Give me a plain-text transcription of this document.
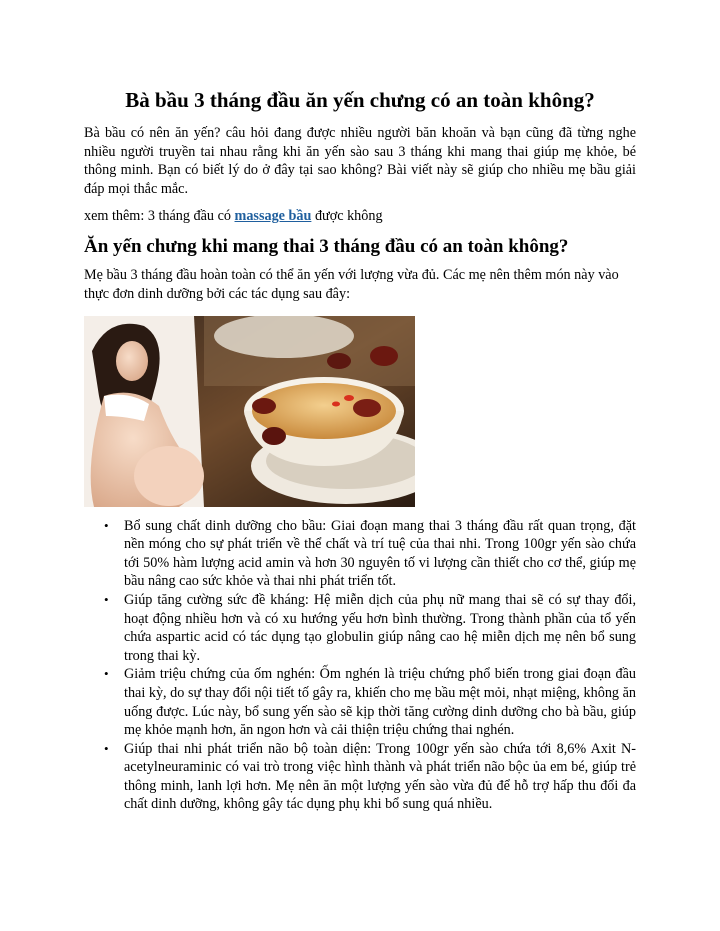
Bà bầu 3 tháng đầu ăn yến chưng có an toàn không?

Bà bầu có nên ăn yến? câu hỏi đang được nhiều người băn khoăn và bạn cũng đã từng nghe nhiều người truyền tai nhau rằng khi ăn yến sào sau 3 tháng khi mang thai giúp mẹ khỏe, bé thông minh. Bạn có biết lý do ở đây tại sao không? Bài viết này sẽ giúp cho nhiều mẹ bầu giải đáp mọi thắc mắc.

xem thêm: 3 tháng đầu có massage bầu được không

Ăn yến chưng khi mang thai 3 tháng đầu có an toàn không?

Mẹ bầu 3 tháng đầu hoàn toàn có thể ăn yến với lượng vừa đủ. Các mẹ nên thêm món này vào thực đơn dinh dưỡng bởi các tác dụng sau đây:

• Bổ sung chất dinh dưỡng cho bầu: Giai đoạn mang thai 3 tháng đầu rất quan trọng, đặt nền móng cho sự phát triển về thể chất và trí tuệ của thai nhi. Trong 100gr yến sào chứa tới 50% hàm lượng acid amin và hơn 30 nguyên tố vi lượng cần thiết cho cơ thể, giúp mẹ bầu nâng cao sức khỏe và thai nhi phát triển tốt.
• Giúp tăng cường sức đề kháng: Hệ miễn dịch của phụ nữ mang thai sẽ có sự thay đổi, hoạt động nhiều hơn và có xu hướng yếu hơn bình thường. Trong thành phần của tổ yến chứa aspartic acid có tác dụng tạo globulin giúp nâng cao hệ miễn dịch mẹ nên bổ sung trong thai kỳ.
• Giảm triệu chứng của ốm nghén: Ốm nghén là triệu chứng phổ biến trong giai đoạn đầu thai kỳ, do sự thay đổi nội tiết tố gây ra, khiến cho mẹ bầu mệt mỏi, nhạt miệng, không ăn uống được. Lúc này, bổ sung yến sào sẽ kịp thời tăng cường dinh dưỡng cho bà bầu, giúp mẹ khỏe mạnh hơn, ăn ngon hơn và cải thiện triệu chứng thai nghén.
• Giúp thai nhi phát triển não bộ toàn diện: Trong 100gr yến sào chứa tới 8,6% Axit N-acetylneuraminic có vai trò trong việc hình thành và phát triển não bộc ủa em bé, giúp trẻ thông minh, lanh lợi hơn. Mẹ nên ăn một lượng yến sào vừa đủ để hỗ trợ hấp thu đối đa chất dinh dưỡng, không gây tác dụng phụ khi bổ sung quá nhiều.
